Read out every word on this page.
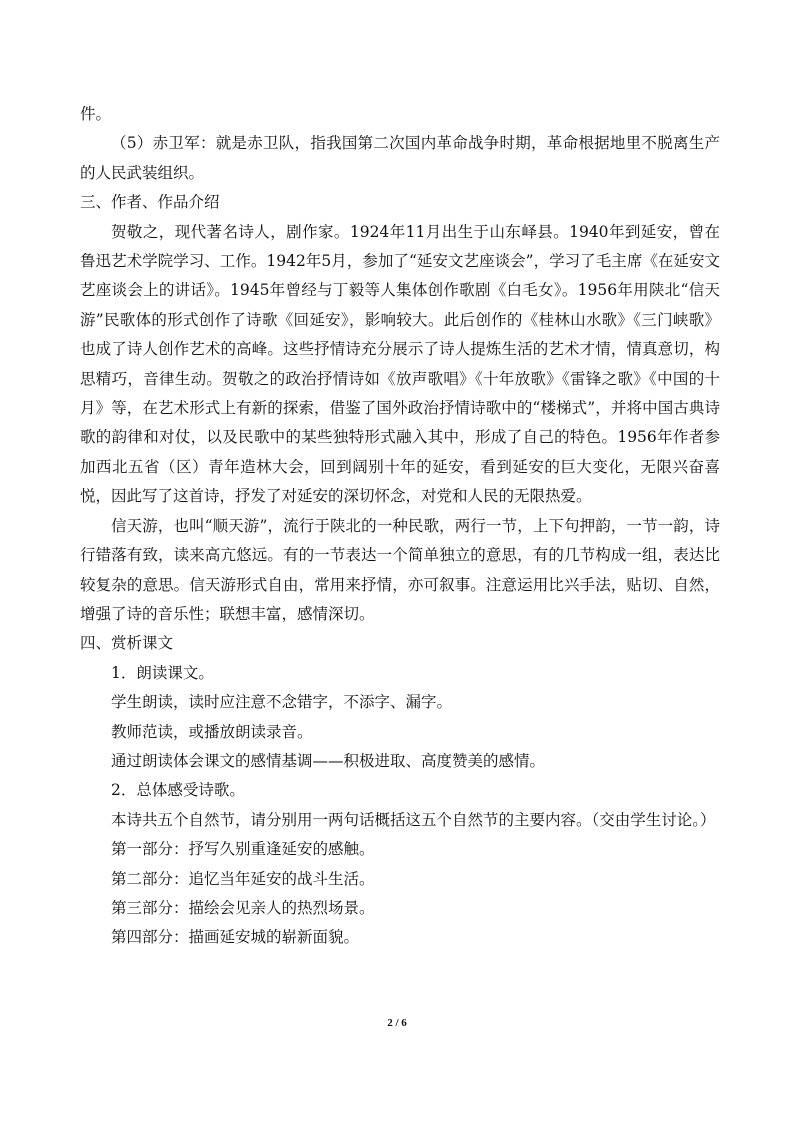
件。

（5）赤卫军：就是赤卫队，指我国第二次国内革命战争时期，革命根据地里不脱离生产的人民武装组织。

三、作者、作品介绍

贺敬之，现代著名诗人，剧作家。1924年11月出生于山东峄县。1940年到延安，曾在鲁迅艺术学院学习、工作。1942年5月，参加了“延安文艺座谈会”，学习了毛主席《在延安文艺座谈会上的讲话》。1945年曾经与丁毅等人集体创作歌剧《白毛女》。1956年用陕北“信天游”民歌体的形式创作了诗歌《回延安》，影响较大。此后创作的《桂林山水歌》《三门峡歌》也成了诗人创作艺术的高峰。这些抒情诗充分展示了诗人提炼生活的艺术才情，情真意切，构思精巧，音律生动。贺敬之的政治抒情诗如《放声歌唱》《十年放歌》《雷锋之歌》《中国的十月》等，在艺术形式上有新的探索，借鉴了国外政治抒情诗歌中的“楼梯式”，并将中国古典诗歌的韵律和对仗，以及民歌中的某些独特形式融入其中，形成了自己的特色。1956年作者参加西北五省（区）青年造林大会，回到阔别十年的延安，看到延安的巨大变化，无限兴奋喜悦，因此写了这首诗，抒发了对延安的深切怀念，对党和人民的无限热爱。

信天游，也叫“顺天游”，流行于陕北的一种民歌，两行一节，上下句押韵，一节一韵，诗行错落有致，读来高亢悠远。有的一节表达一个简单独立的意思，有的几节构成一组，表达比较复杂的意思。信天游形式自由，常用来抒情，亦可叙事。注意运用比兴手法，贴切、自然，增强了诗的音乐性；联想丰富，感情深切。

四、赏析课文

1．朗读课文。

学生朗读，读时应注意不念错字，不添字、漏字。

教师范读，或播放朗读录音。

通过朗读体会课文的感情基调——积极进取、高度赞美的感情。

2．总体感受诗歌。

本诗共五个自然节，请分别用一两句话概括这五个自然节的主要内容。（交由学生讨论。）

第一部分：抒写久别重逢延安的感触。

第二部分：追忆当年延安的战斗生活。

第三部分：描绘会见亲人的热烈场景。

第四部分：描画延安城的崭新面貌。

2 / 6
